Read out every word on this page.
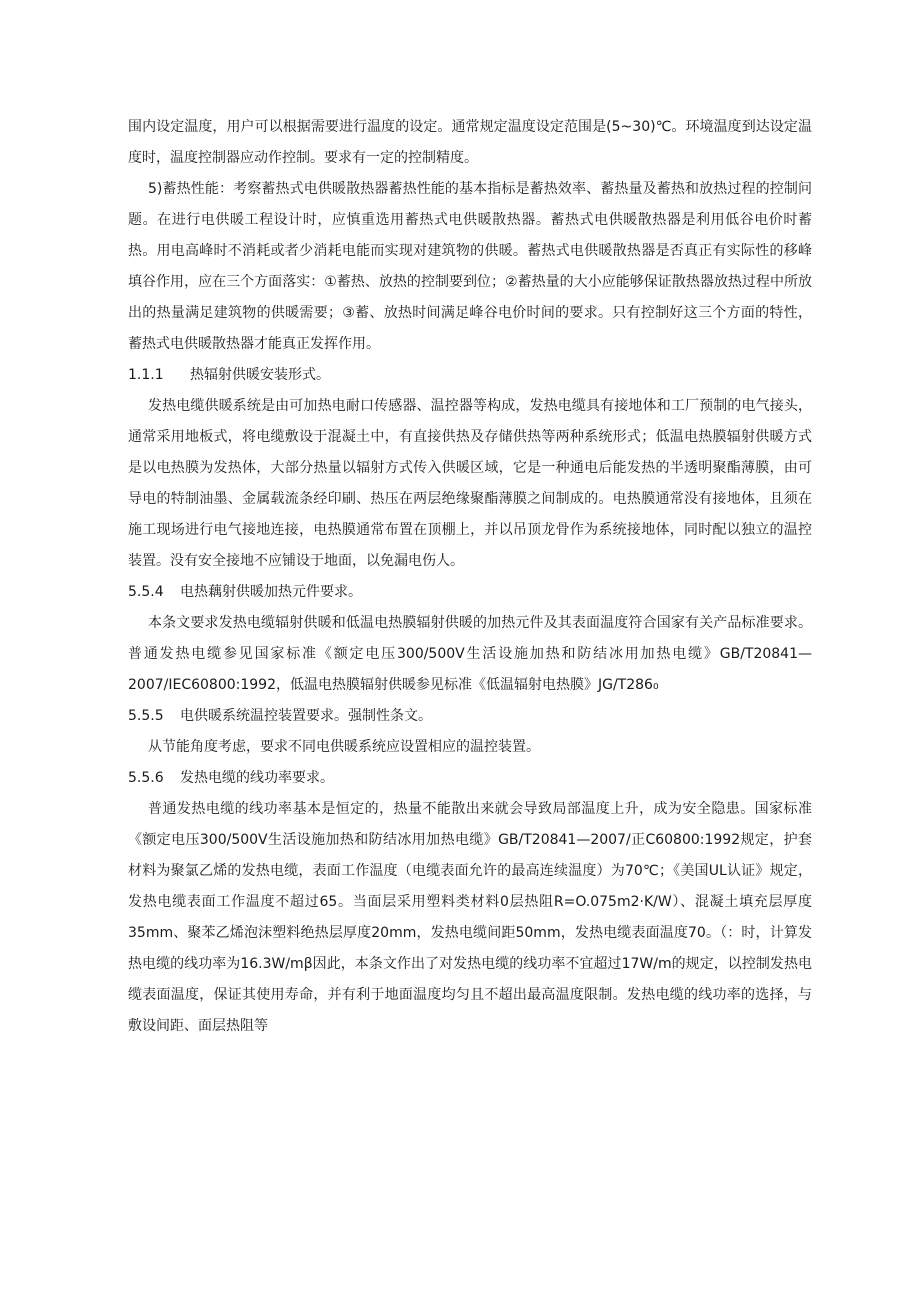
围内设定温度，用户可以根据需要进行温度的设定。通常规定温度设定范围是(5~30)℃。环境温度到达设定温度时，温度控制器应动作控制。要求有一定的控制精度。

5)蓄热性能：考察蓄热式电供暖散热器蓄热性能的基本指标是蓄热效率、蓄热量及蓄热和放热过程的控制问题。在进行电供暖工程设计时，应慎重选用蓄热式电供暖散热器。蓄热式电供暖散热器是利用低谷电价时蓄热。用电高峰时不消耗或者少消耗电能而实现对建筑物的供暖。蓄热式电供暖散热器是否真正有实际性的移峰填谷作用，应在三个方面落实：①蓄热、放热的控制要到位；②蓄热量的大小应能够保证散热器放热过程中所放出的热量满足建筑物的供暖需要；③蓄、放热时间满足峰谷电价时间的要求。只有控制好这三个方面的特性，蓄热式电供暖散热器才能真正发挥作用。

1.1.1	热辐射供暖安装形式。

发热电缆供暖系统是由可加热电耐口传感器、温控器等构成，发热电缆具有接地体和工厂预制的电气接头，通常采用地板式，将电缆敷设于混凝土中，有直接供热及存储供热等两种系统形式；低温电热膜辐射供暖方式是以电热膜为发热体，大部分热量以辐射方式传入供暖区域，它是一种通电后能发热的半透明聚酯薄膜，由可导电的特制油墨、金属载流条经印刷、热压在两层绝缘聚酯薄膜之间制成的。电热膜通常没有接地体，且须在施工现场进行电气接地连接，电热膜通常布置在顶棚上，并以吊顶龙骨作为系统接地体，同时配以独立的温控装置。没有安全接地不应铺设于地面，以免漏电伤人。

5.5.4	电热藕射供暖加热元件要求。

本条文要求发热电缆辐射供暖和低温电热膜辐射供暖的加热元件及其表面温度符合国家有关产品标准要求。普通发热电缆参见国家标准《额定电压300/500V生活设施加热和防结冰用加热电缆》GB/T20841—2007/IEC60800:1992，低温电热膜辐射供暖参见标准《低温辐射电热膜》JG/T286₀

5.5.5	电供暖系统温控装置要求。强制性条文。

从节能角度考虑，要求不同电供暖系统应设置相应的温控装置。

5.5.6	发热电缆的线功率要求。

普通发热电缆的线功率基本是恒定的，热量不能散出来就会导致局部温度上升，成为安全隐患。国家标准《额定电压300/500V生活设施加热和防结冰用加热电缆》GB/T20841—2007/正C60800:1992规定，护套材料为聚氯乙烯的发热电缆，表面工作温度（电缆表面允许的最高连续温度）为70℃；《美国UL认证》规定，发热电缆表面工作温度不超过65。当面层采用塑料类材料0层热阻R=O.075m2·K/W）、混凝土填充层厚度35mm、聚苯乙烯泡沫塑料绝热层厚度20mm，发热电缆间距50mm，发热电缆表面温度70。（：时，计算发热电缆的线功率为16.3W/mβ因此，本条文作出了对发热电缆的线功率不宜超过17W/m的规定，以控制发热电缆表面温度，保证其使用寿命，并有利于地面温度均匀且不超出最高温度限制。发热电缆的线功率的选择，与敷设间距、面层热阻等
